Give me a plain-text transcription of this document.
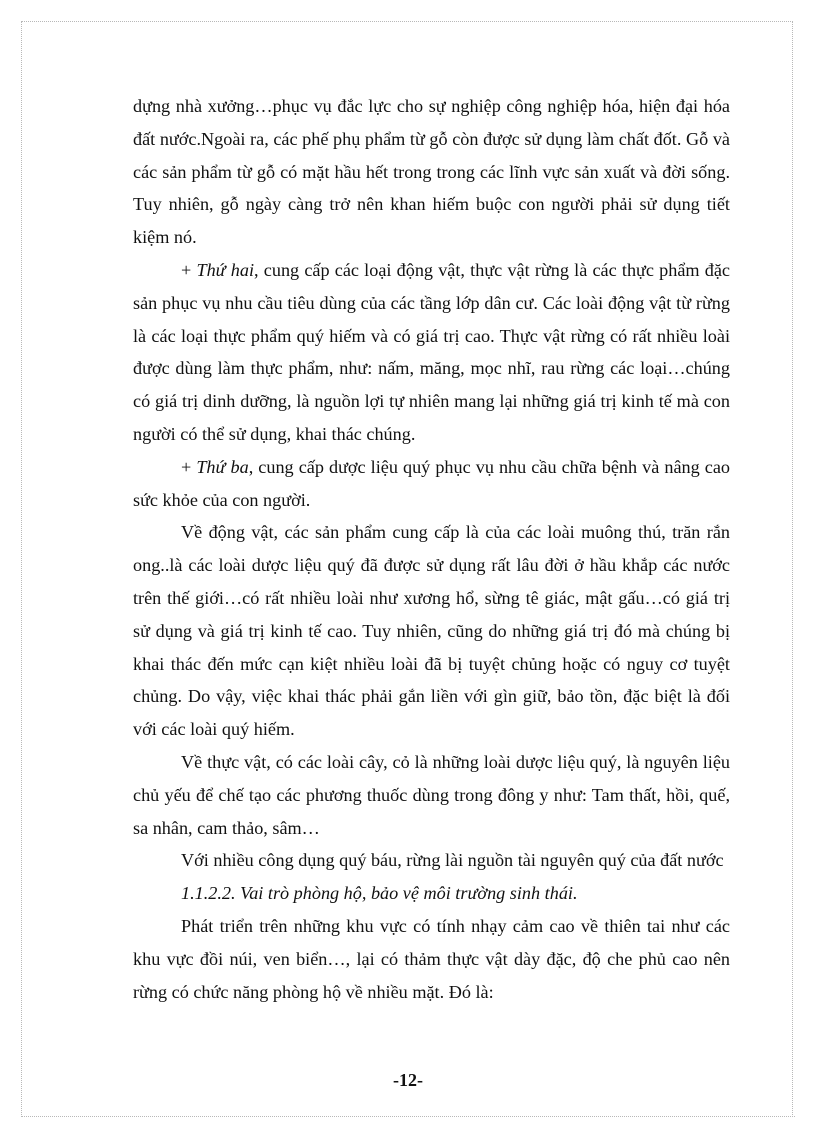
dựng nhà xưởng…phục vụ đắc lực cho sự nghiệp công nghiệp hóa, hiện đại hóa đất nước.Ngoài ra, các phế phụ phẩm từ gỗ còn được sử dụng làm chất đốt. Gỗ và các sản phẩm từ gỗ có mặt hầu hết trong trong các lĩnh vực sản xuất và đời sống. Tuy nhiên, gỗ ngày càng trở nên khan hiếm buộc con người phải sử dụng tiết kiệm nó.

+ Thứ hai, cung cấp các loại động vật, thực vật rừng là các thực phẩm đặc sản phục vụ nhu cầu tiêu dùng của các tầng lớp dân cư. Các loài động vật từ rừng là các loại thực phẩm quý hiếm và có giá trị cao. Thực vật rừng có rất nhiều loài được dùng làm thực phẩm, như: nấm, măng, mọc nhĩ, rau rừng các loại…chúng có giá trị dinh dưỡng, là nguồn lợi tự nhiên mang lại những giá trị kinh tế mà con người có thể sử dụng, khai thác chúng.

+ Thứ ba, cung cấp dược liệu quý phục vụ nhu cầu chữa bệnh và nâng cao sức khỏe của con người.

Về động vật, các sản phẩm cung cấp là của các loài muông thú, trăn rắn ong..là các loài dược liệu quý đã được sử dụng rất lâu đời ở hầu khắp các nước trên thế giới…có rất nhiều loài như xương hổ, sừng tê giác, mật gấu…có giá trị sử dụng và giá trị kinh tế cao. Tuy nhiên, cũng do những giá trị đó mà chúng bị khai thác đến mức cạn kiệt nhiều loài đã bị tuyệt chủng hoặc có nguy cơ tuyệt chủng. Do vậy, việc khai thác phải gắn liền với gìn giữ, bảo tồn, đặc biệt là đối với các loài quý hiếm.

Về thực vật, có các loài cây, cỏ là những loài dược liệu quý, là nguyên liệu chủ yếu để chế tạo các phương thuốc dùng trong đông y như: Tam thất, hồi, quế, sa nhân, cam thảo, sâm…

Với nhiều công dụng quý báu, rừng lài nguồn tài nguyên quý của đất nước

1.1.2.2. Vai trò phòng hộ, bảo vệ môi trường sinh thái.

Phát triển trên những khu vực có tính nhạy cảm cao về thiên tai như các khu vực đồi núi, ven biển…, lại có thảm thực vật dày đặc, độ che phủ cao nên rừng có chức năng phòng hộ về nhiều mặt. Đó là:

-12-
